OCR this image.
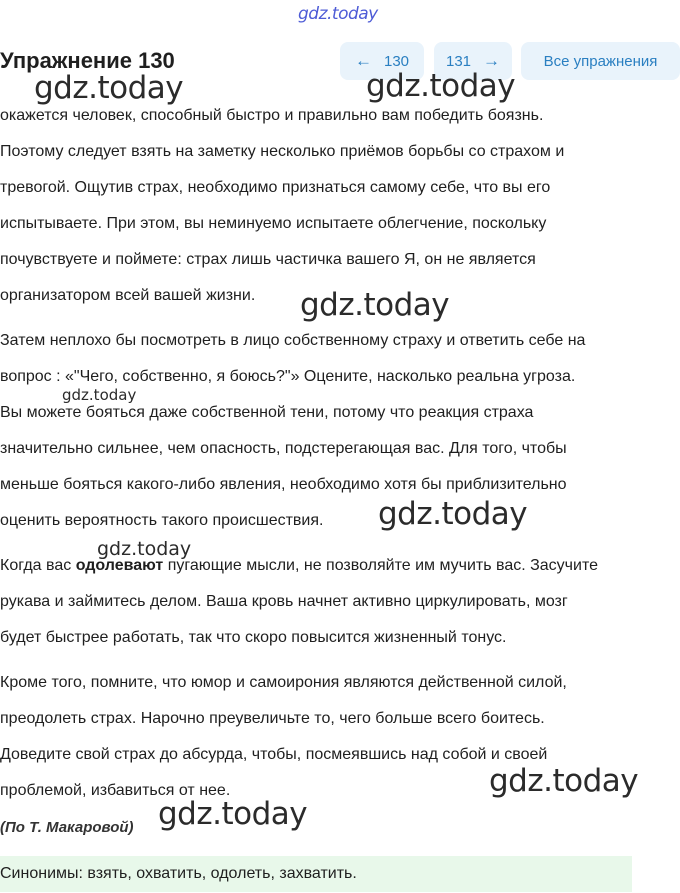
gdz.today
Упражнение 130	← 130 131 →	Все упражнения

окажется человек, способный быстро и правильно вам победить боязнь.

Поэтому следует взять на заметку несколько приёмов борьбы со страхом и

тревогой. Ощутив страх, необходимо признаться самому себе, что вы его

испытываете. При этом, вы неминуемо испытаете облегчение, поскольку

почувствуете и поймете: страх лишь частичка вашего Я, он не является

организатором всей вашей жизни.

Затем неплохо бы посмотреть в лицо собственному страху и ответить себе на

вопрос : «"Чего, собственно, я боюсь?"» Оцените, насколько реальна угроза.

Вы можете бояться даже собственной тени, потому что реакция страха

значительно сильнее, чем опасность, подстерегающая вас. Для того, чтобы

меньше бояться какого-либо явления, необходимо хотя бы приблизительно

оценить вероятность такого происшествия.

Когда вас одолевают пугающие мысли, не позволяйте им мучить вас. Засучите

рукава и займитесь делом. Ваша кровь начнет активно циркулировать, мозг

будет быстрее работать, так что скоро повысится жизненный тонус.

Кроме того, помните, что юмор и самоирония являются действенной силой,

преодолеть страх. Нарочно преувеличьте то, чего больше всего боитесь.

Доведите свой страх до абсурда, чтобы, посмеявшись над собой и своей

проблемой, избавиться от нее.

(По Т. Макаровой)
Синонимы: взять, охватить, одолеть, захватить.
gdz.today	gdz.today
gdz.today
gdz.today
gdz.today
gdz.today
gdz.today
gdz.today
